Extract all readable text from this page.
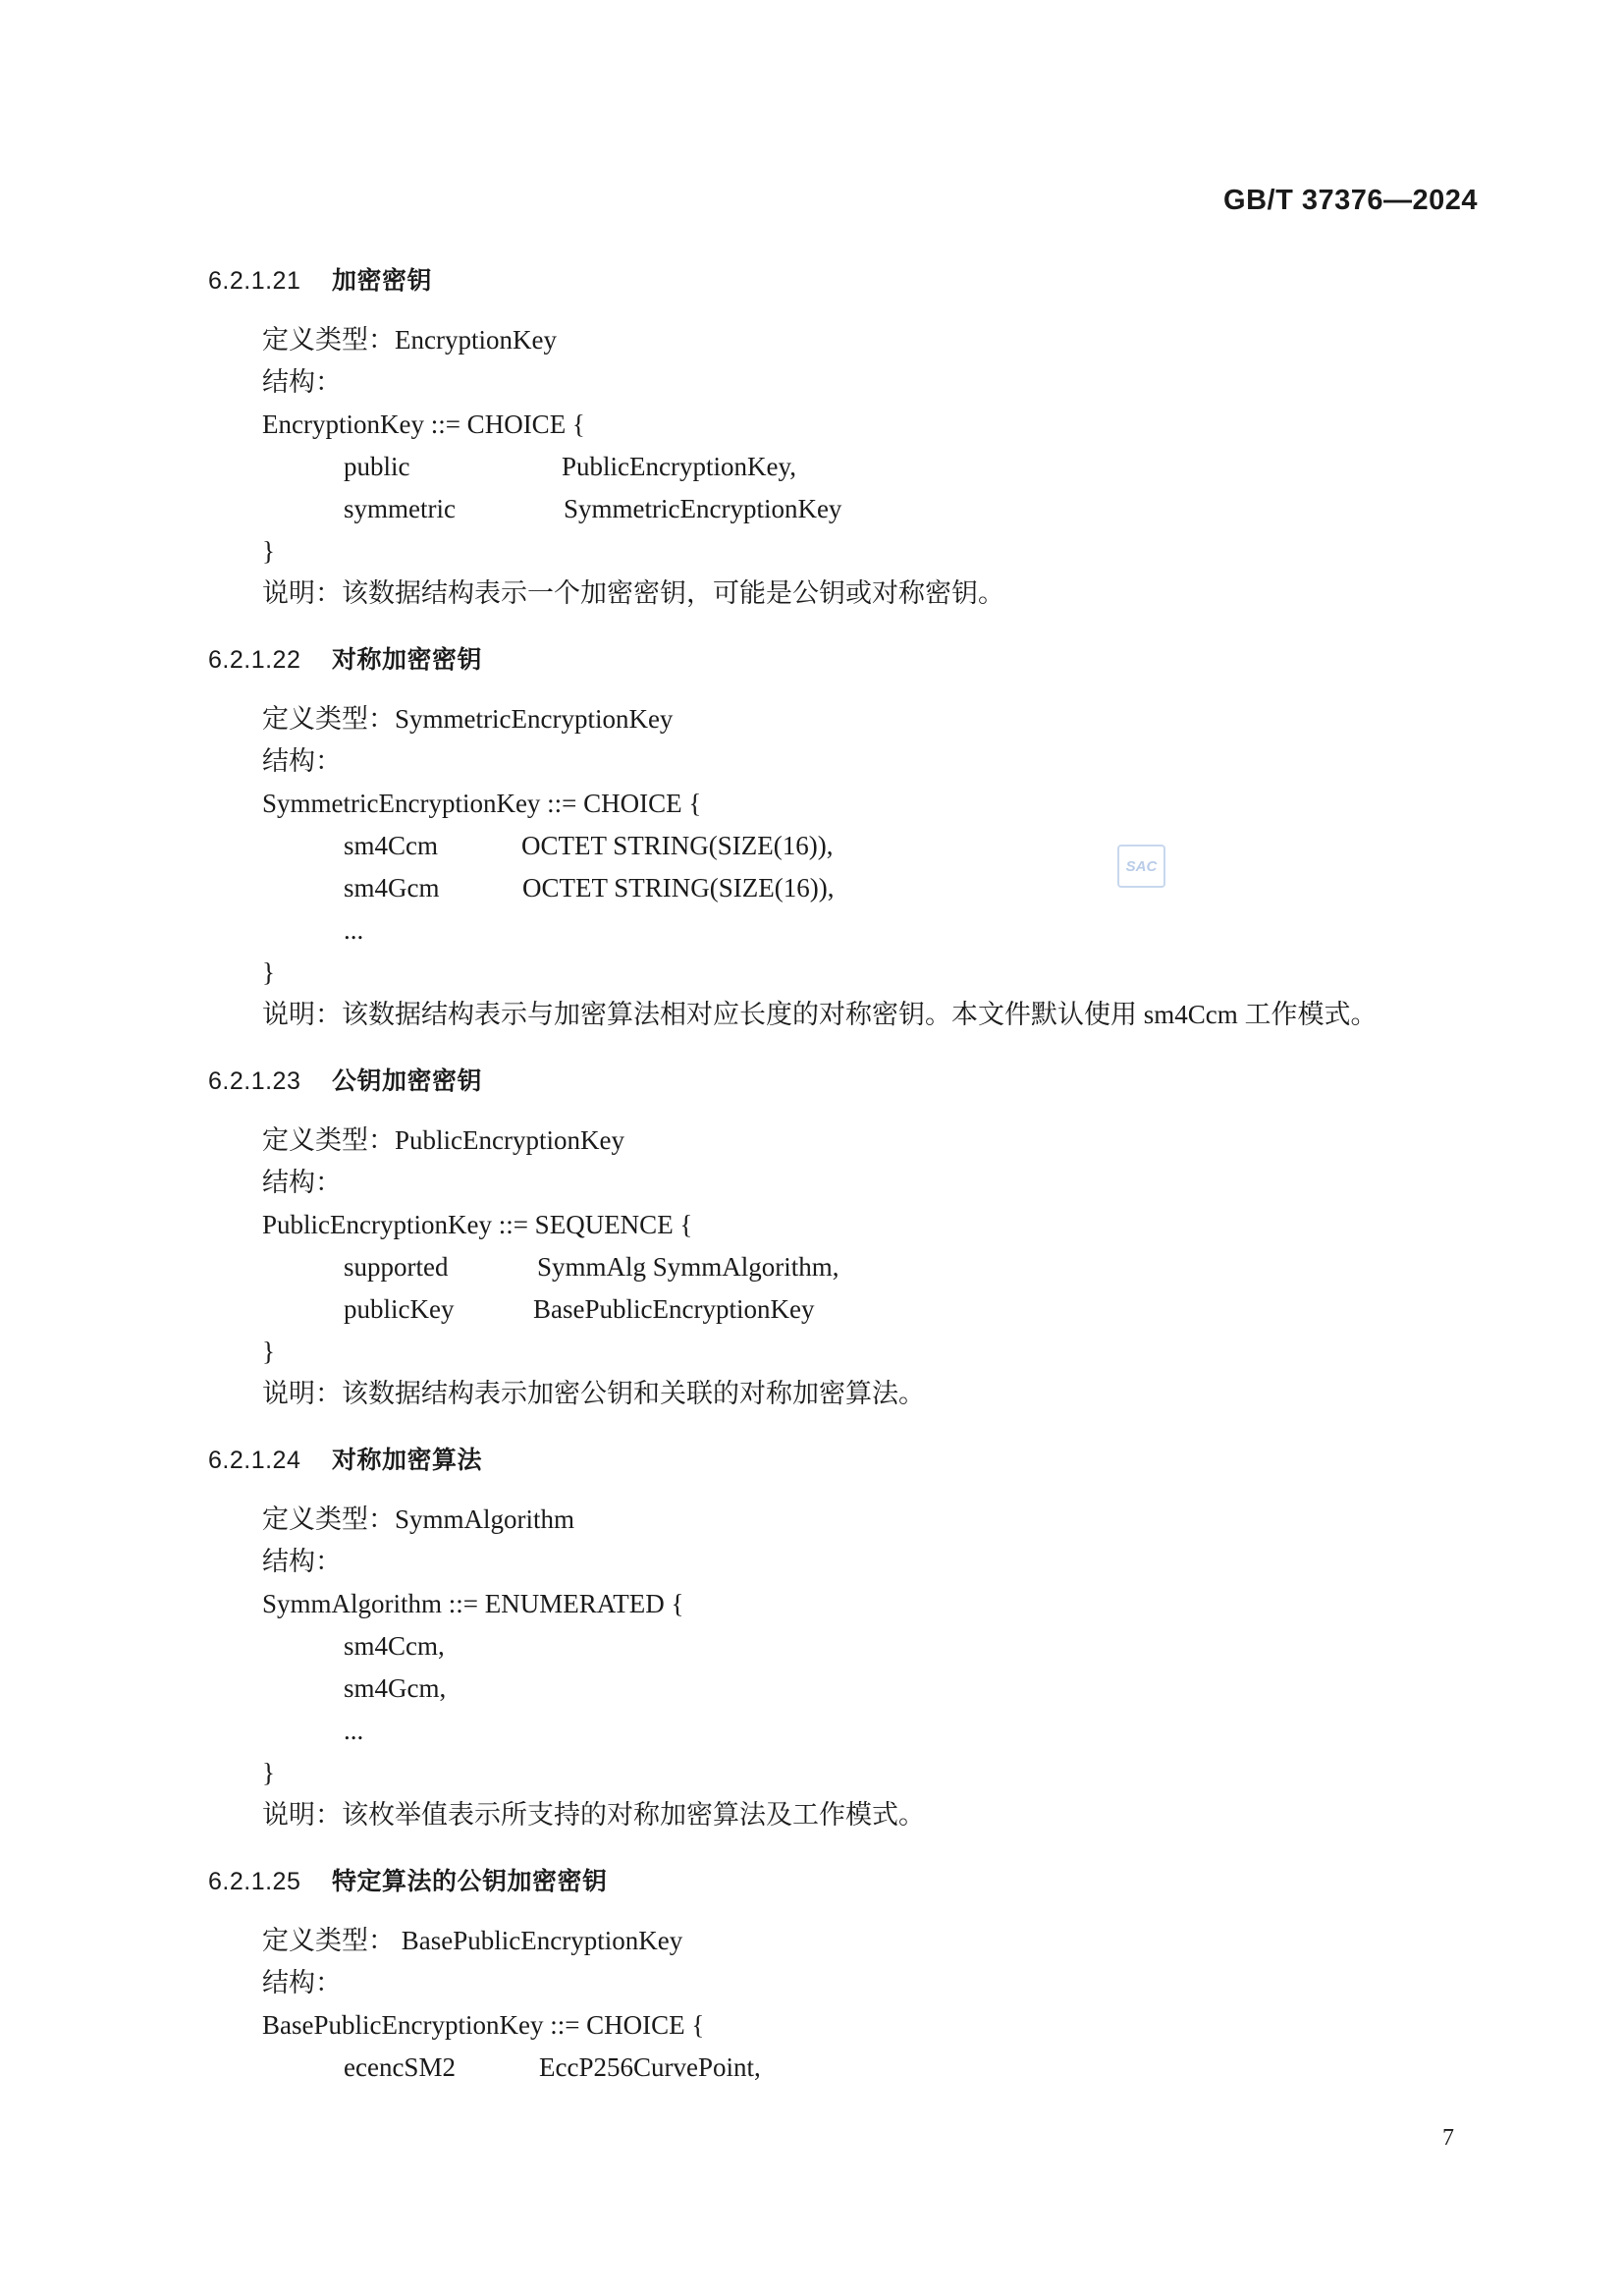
GB/T 37376—2024
SAC
6.2.1.21 加密密钥
定义类型：EncryptionKey
结构：
EncryptionKey ::= CHOICE {
public	PublicEncryptionKey,
symmetric	SymmetricEncryptionKey
}
说明：该数据结构表示一个加密密钥，可能是公钥或对称密钥。
6.2.1.22 对称加密密钥
定义类型：SymmetricEncryptionKey
结构：
SymmetricEncryptionKey ::= CHOICE {
sm4Ccm	OCTET STRING(SIZE(16)),
sm4Gcm	OCTET STRING(SIZE(16)),
...
}
说明：该数据结构表示与加密算法相对应长度的对称密钥。本文件默认使用 sm4Ccm 工作模式。
6.2.1.23 公钥加密密钥
定义类型：PublicEncryptionKey
结构：
PublicEncryptionKey ::= SEQUENCE {
supported	SymmAlg SymmAlgorithm,
publicKey	BasePublicEncryptionKey
}
说明：该数据结构表示加密公钥和关联的对称加密算法。
6.2.1.24 对称加密算法
定义类型：SymmAlgorithm
结构：
SymmAlgorithm ::= ENUMERATED {
sm4Ccm,
sm4Gcm,
...
}
说明：该枚举值表示所支持的对称加密算法及工作模式。
6.2.1.25 特定算法的公钥加密密钥
定义类型： BasePublicEncryptionKey
结构：
BasePublicEncryptionKey ::= CHOICE {
ecencSM2	EccP256CurvePoint,
7
